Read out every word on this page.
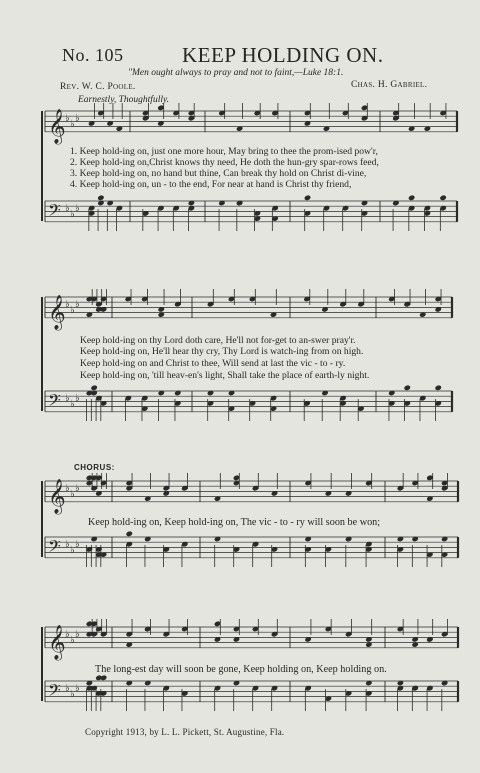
No. 105	KEEP HOLDING ON.
"Men ought always to pray and not to faint,—Luke 18:1.
Rev. W. C. Poole.	Chas. H. Gabriel.
Earnestly, Thoughtfully.
𝄞 ♭
♭
♭
𝄢 ♭
♭
♭
𝄞 ♭
♭
♭
𝄢 ♭
♭
♭
𝄞 ♭
♭
♭
𝄢 ♭
♭
♭
𝄞 ♭
♭
♭
𝄢 ♭
♭
♭
1. Keep hold-ing on, just one more hour, May bring to thee the prom-ised pow'r,
2. Keep hold-ing on,Christ knows thy need, He doth the hun-gry spar-rows feed,
3. Keep hold-ing on, no hand but thine, Can break thy hold on Christ di-vine,
4. Keep hold-ing on, un - to the end, For near at hand is Christ thy friend,
Keep hold-ing on thy Lord doth care, He'll not for-get to an-swer pray'r.
Keep hold-ing on, He'll hear thy cry, Thy Lord is watch-ing from on high.
Keep hold-ing on and Christ to thee, Will send at last the vic - to - ry.
Keep hold-ing on, 'till heav-en's light, Shall take the place of earth-ly night.
CHORUS:
Keep hold-ing on, Keep hold-ing on, The vic - to - ry will soon be won;
The long-est day will soon be gone, Keep holding on, Keep holding on.
Copyright 1913, by L. L. Pickett, St. Augustine, Fla.
